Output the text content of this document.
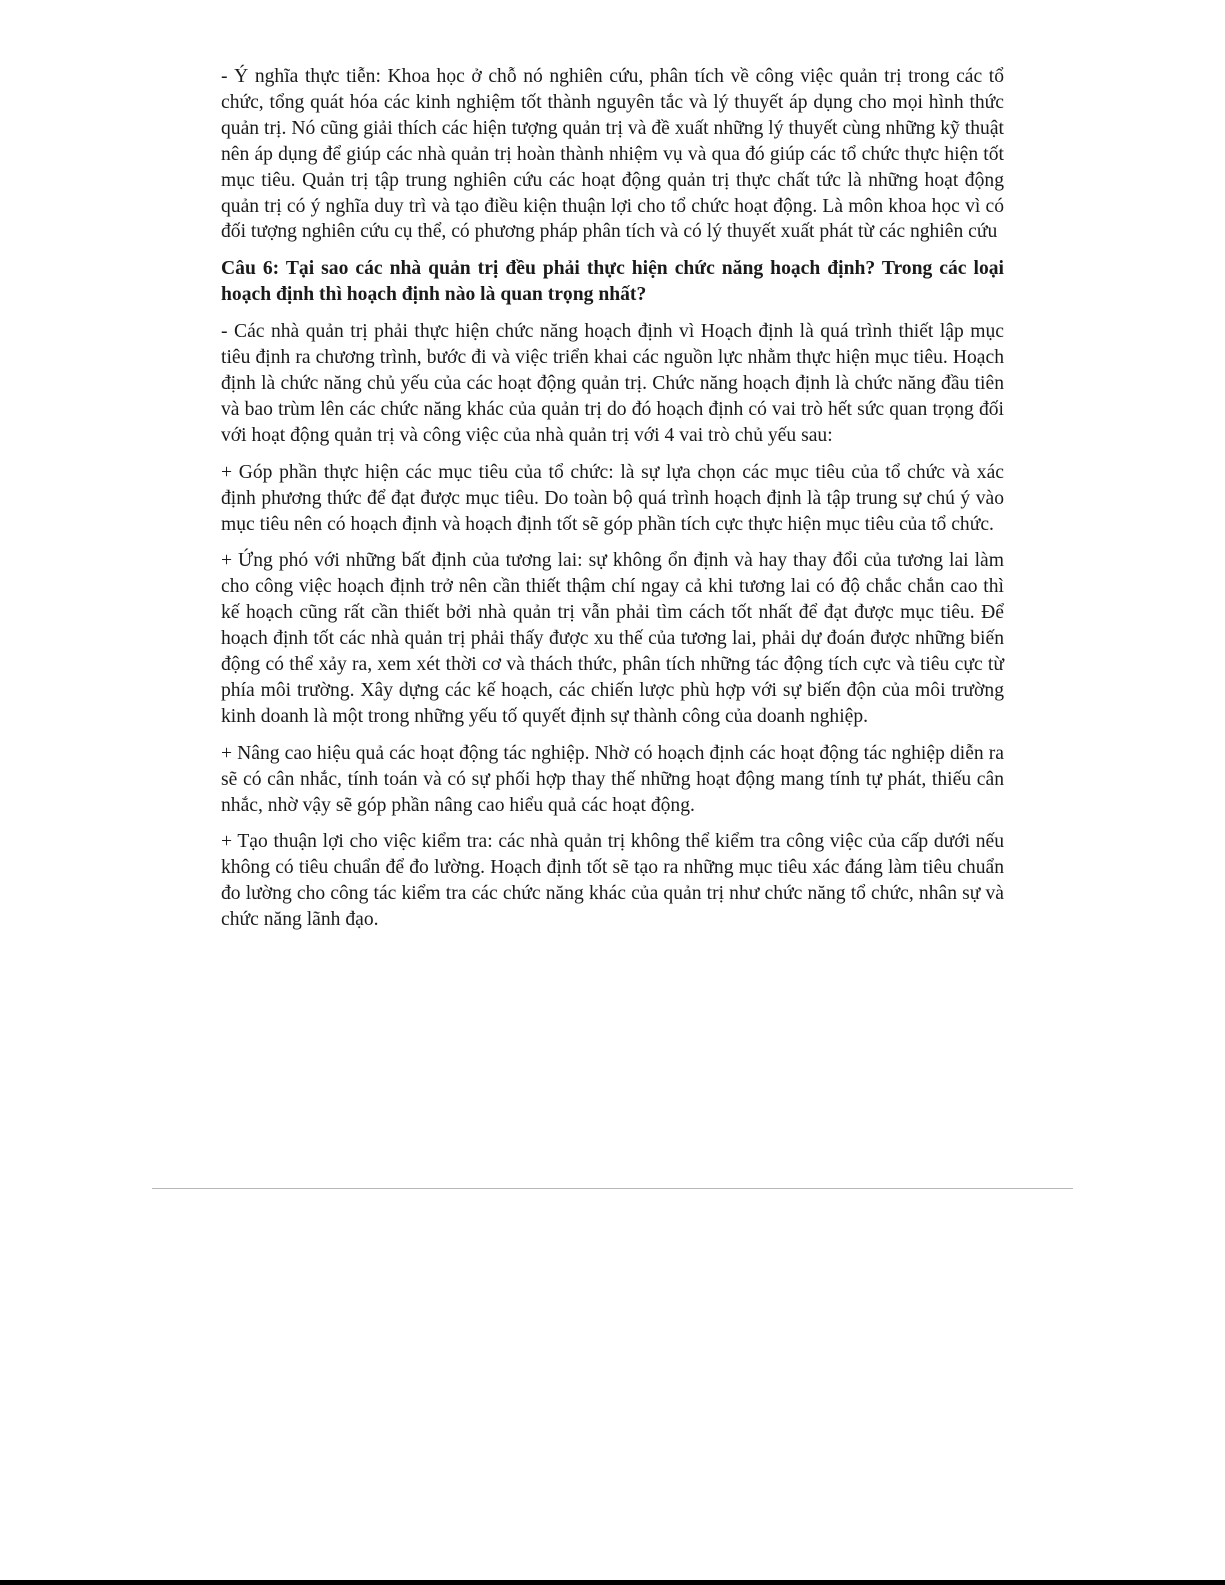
- Ý nghĩa thực tiễn: Khoa học ở chỗ nó nghiên cứu, phân tích về công việc quản trị trong các tổ chức, tổng quát hóa các kinh nghiệm tốt thành nguyên tắc và lý thuyết áp dụng cho mọi hình thức quản trị. Nó cũng giải thích các hiện tượng quản trị và đề xuất những lý thuyết cùng những kỹ thuật nên áp dụng để giúp các nhà quản trị hoàn thành nhiệm vụ và qua đó giúp các tổ chức thực hiện tốt mục tiêu. Quản trị tập trung nghiên cứu các hoạt động quản trị thực chất tức là những hoạt động quản trị có ý nghĩa duy trì và tạo điều kiện thuận lợi cho tổ chức hoạt động. Là môn khoa học vì có đối tượng nghiên cứu cụ thể, có phương pháp phân tích và có lý thuyết xuất phát từ các nghiên cứu

Câu 6: Tại sao các nhà quản trị đều phải thực hiện chức năng hoạch định? Trong các loại hoạch định thì hoạch định nào là quan trọng nhất?

- Các nhà quản trị phải thực hiện chức năng hoạch định vì Hoạch định là quá trình thiết lập mục tiêu định ra chương trình, bước đi và việc triển khai các nguồn lực nhằm thực hiện mục tiêu. Hoạch định là chức năng chủ yếu của các hoạt động quản trị. Chức năng hoạch định là chức năng đầu tiên và bao trùm lên các chức năng khác của quản trị do đó hoạch định có vai trò hết sức quan trọng đối với hoạt động quản trị và công việc của nhà quản trị với 4 vai trò chủ yếu sau:

+ Góp phần thực hiện các mục tiêu của tổ chức: là sự lựa chọn các mục tiêu của tổ chức và xác định phương thức để đạt được mục tiêu. Do toàn bộ quá trình hoạch định là tập trung sự chú ý vào mục tiêu nên có hoạch định và hoạch định tốt sẽ góp phần tích cực thực hiện mục tiêu của tổ chức.

+ Ứng phó với những bất định của tương lai: sự không ổn định và hay thay đổi của tương lai làm cho công việc hoạch định trở nên cần thiết thậm chí ngay cả khi tương lai có độ chắc chắn cao thì kế hoạch cũng rất cần thiết bởi nhà quản trị vẫn phải tìm cách tốt nhất để đạt được mục tiêu. Để hoạch định tốt các nhà quản trị phải thấy được xu thế của tương lai, phải dự đoán được những biến động có thể xảy ra, xem xét thời cơ và thách thức, phân tích những tác động tích cực và tiêu cực từ phía môi trường. Xây dựng các kế hoạch, các chiến lược phù hợp với sự biến độn của môi trường kinh doanh là một trong những yếu tố quyết định sự thành công của doanh nghiệp.

+ Nâng cao hiệu quả các hoạt động tác nghiệp. Nhờ có hoạch định các hoạt động tác nghiệp diễn ra sẽ có cân nhắc, tính toán và có sự phối hợp thay thế những hoạt động mang tính tự phát, thiếu cân nhắc, nhờ vậy sẽ góp phần nâng cao hiểu quả các hoạt động.

+ Tạo thuận lợi cho việc kiểm tra: các nhà quản trị không thể kiểm tra công việc của cấp dưới nếu không có tiêu chuẩn để đo lường. Hoạch định tốt sẽ tạo ra những mục tiêu xác đáng làm tiêu chuẩn đo lường cho công tác kiểm tra các chức năng khác của quản trị như chức năng tổ chức, nhân sự và chức năng lãnh đạo.
